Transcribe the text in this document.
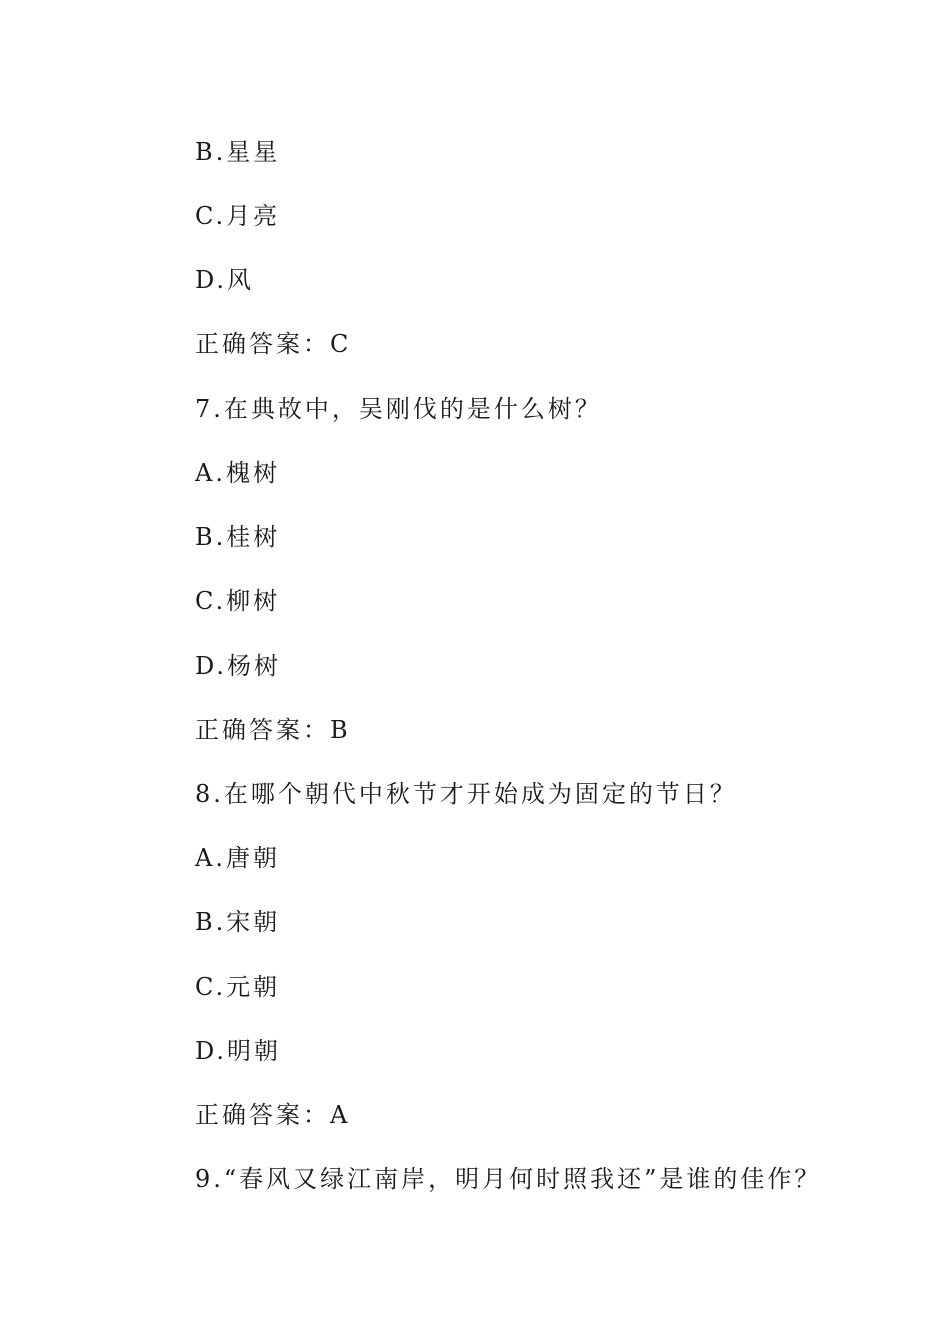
B.星星

C.月亮

D.风

正确答案：C

7.在典故中，吴刚伐的是什么树？

A.槐树

B.桂树

C.柳树

D.杨树

正确答案：B

8.在哪个朝代中秋节才开始成为固定的节日？

A.唐朝

B.宋朝

C.元朝

D.明朝

正确答案：A

9.“春风又绿江南岸，明月何时照我还”是谁的佳作？
